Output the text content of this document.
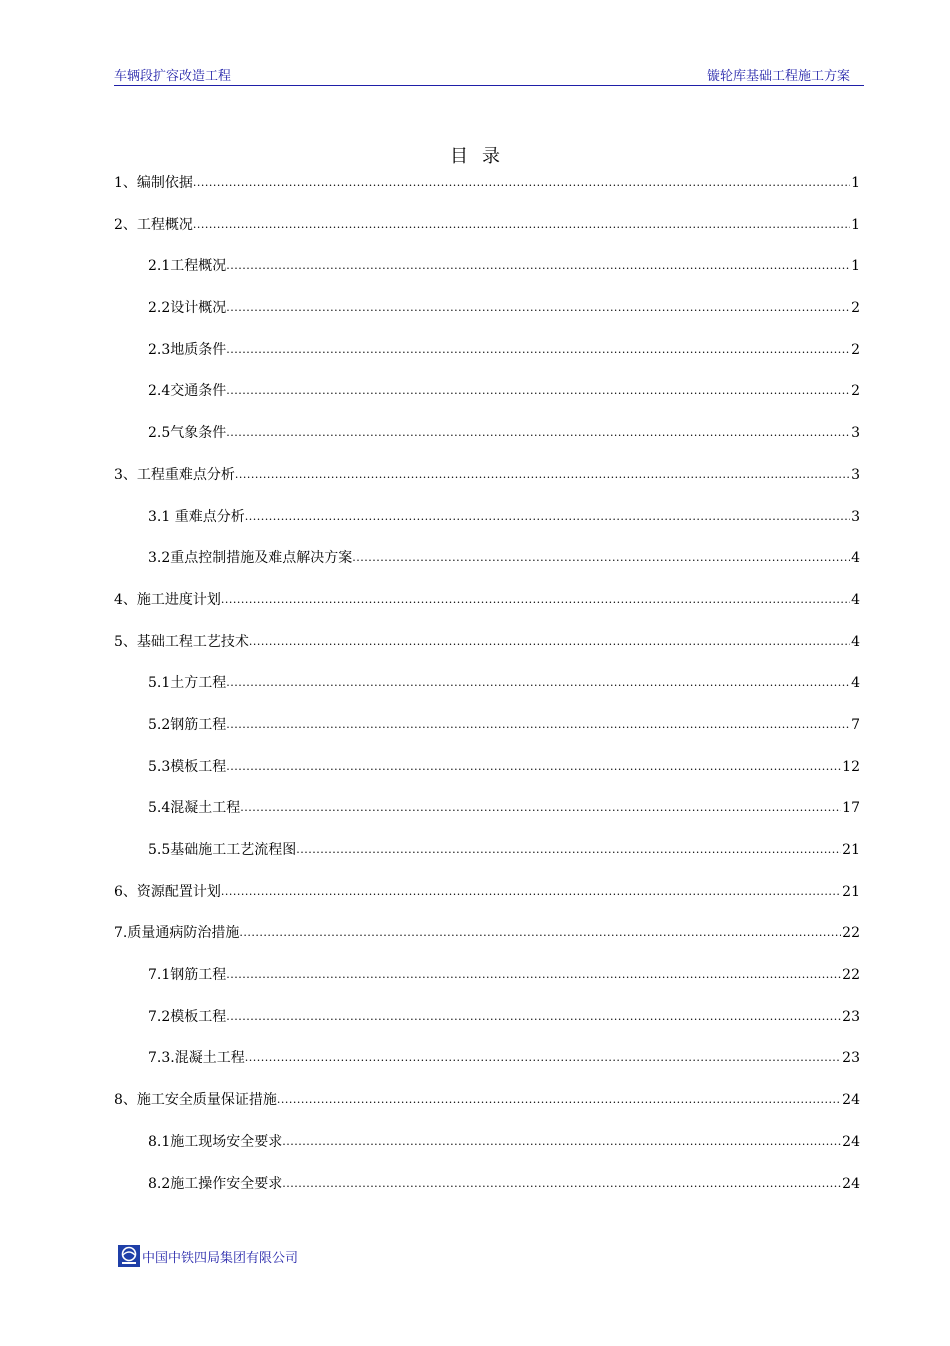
车辆段扩容改造工程	镟轮库基础工程施工方案
目录
1、编制依据 .....	1
2、工程概况 .....	1
2.1工程概况 .....	1
2.2设计概况 .....	2
2.3地质条件 .....	2
2.4交通条件 .....	2
2.5气象条件 .....	3
3、工程重难点分析 .....	3
3.1 重难点分析 .....	3
3.2重点控制措施及难点解决方案 .....	4
4、施工进度计划 .....	4
5、基础工程工艺技术 .....	4
5.1土方工程 .....	4
5.2钢筋工程 .....	7
5.3模板工程 .....	12
5.4混凝土工程 .....	17
5.5基础施工工艺流程图 .....	21
6、资源配置计划 .....	21
7.质量通病防治措施 .....	22
7.1钢筋工程 .....	22
7.2模板工程 .....	23
7.3.混凝土工程 .....	23
8、施工安全质量保证措施 .....	24
8.1施工现场安全要求 .....	24
8.2施工操作安全要求 .....	24
中国中铁四局集团有限公司
